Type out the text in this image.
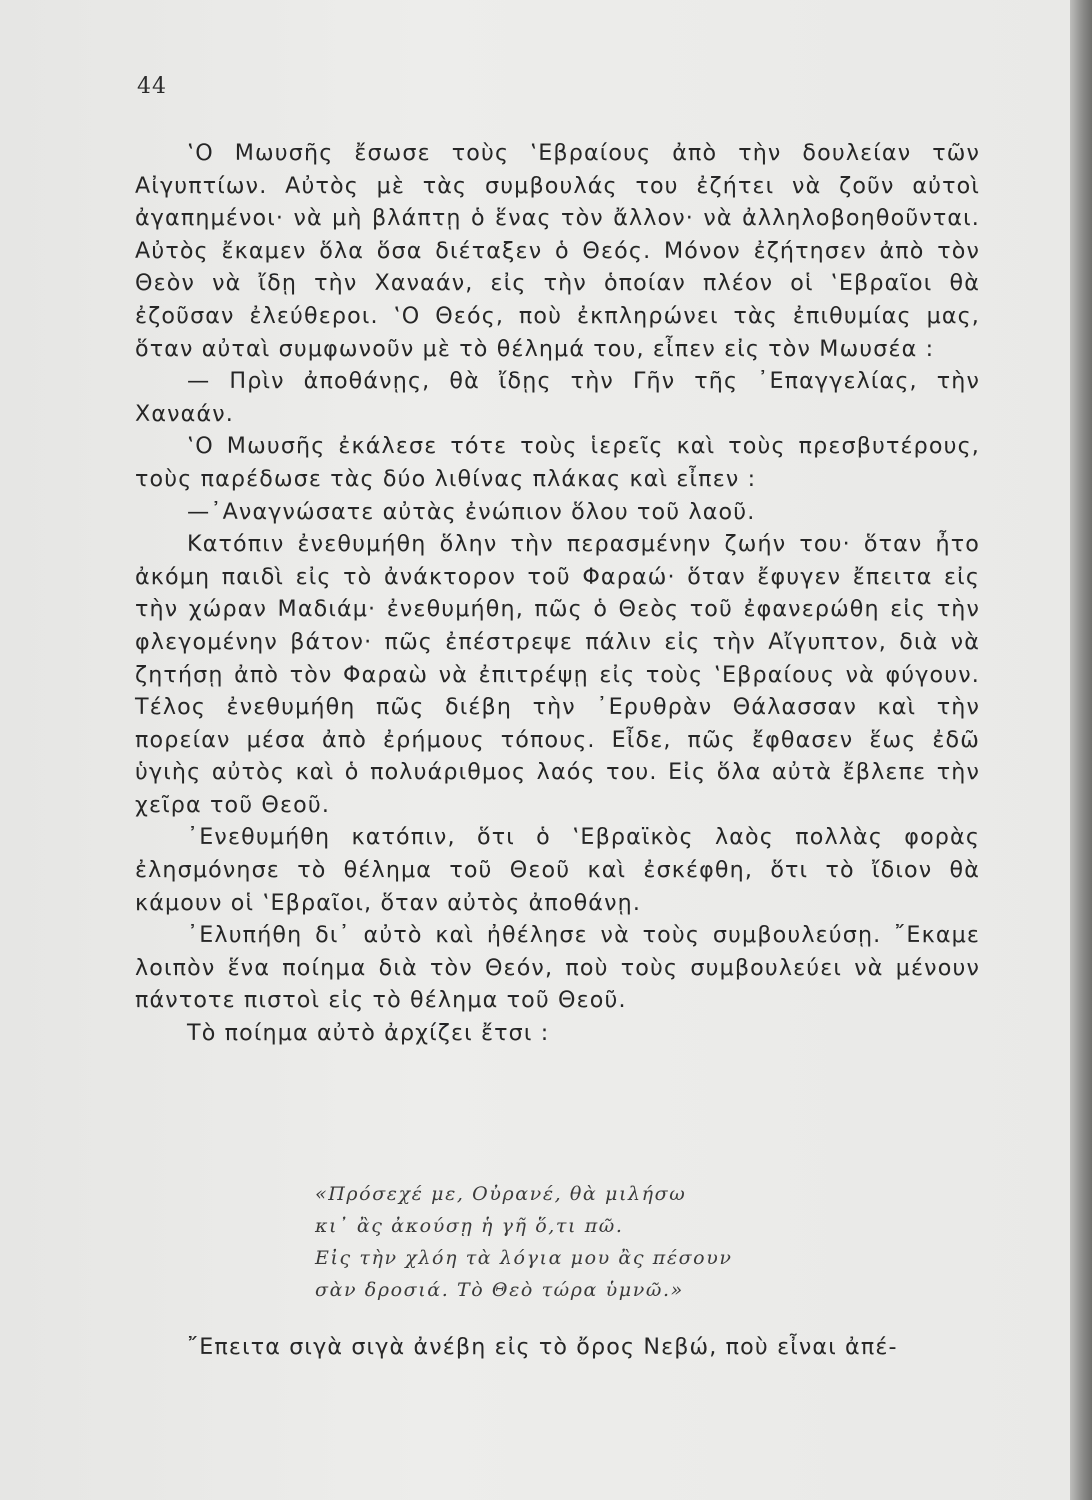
44

‛Ο Μωυσῆς ἔσωσε τοὺς ‛Εβραίους ἀπὸ τὴν δουλείαν τῶν Αἰγυπτίων. Αὐτὸς μὲ τὰς συμβουλάς του ἐζήτει νὰ ζοῦν αὐτοὶ ἀγαπημένοι· νὰ μὴ βλάπτῃ ὁ ἕνας τὸν ἄλλον· νὰ ἀλληλοβοηθοῦνται. Αὐτὸς ἔκαμεν ὅλα ὅσα διέταξεν ὁ Θεός. Μόνον ἐζήτησεν ἀπὸ τὸν Θεὸν νὰ ἴδῃ τὴν Χαναάν, εἰς τὴν ὁποίαν πλέον οἱ ‛Εβραῖοι θὰ ἐζοῦσαν ἐλεύθεροι. ‛Ο Θεός, ποὺ ἐκπληρώνει τὰς ἐπιθυμίας μας, ὅταν αὐταὶ συμφωνοῦν μὲ τὸ θέλημά του, εἶπεν εἰς τὸν Μωυσέα :

— Πρὶν ἀποθάνῃς, θὰ ἴδῃς τὴν Γῆν τῆς ᾿Επαγγελίας, τὴν Χαναάν.

‛Ο Μωυσῆς ἐκάλεσε τότε τοὺς ἱερεῖς καὶ τοὺς πρεσβυτέρους, τοὺς παρέδωσε τὰς δύο λιθίνας πλάκας καὶ εἶπεν :

—᾿Αναγνώσατε αὐτὰς ἐνώπιον ὅλου τοῦ λαοῦ.

Κατόπιν ἐνεθυμήθη ὅλην τὴν περασμένην ζωήν του· ὅταν ἦτο ἀκόμη παιδὶ εἰς τὸ ἀνάκτορον τοῦ Φαραώ· ὅταν ἔφυγεν ἔπειτα εἰς τὴν χώραν Μαδιάμ· ἐνεθυμήθη, πῶς ὁ Θεὸς τοῦ ἐφανερώθη εἰς τὴν φλεγομένην βάτον· πῶς ἐπέστρεψε πάλιν εἰς τὴν Αἴγυπτον, διὰ νὰ ζητήσῃ ἀπὸ τὸν Φαραὼ νὰ ἐπιτρέψῃ εἰς τοὺς ‛Εβραίους νὰ φύγουν. Τέλος ἐνεθυμήθη πῶς διέβη τὴν ᾿Ερυθρὰν Θάλασσαν καὶ τὴν πορείαν μέσα ἀπὸ ἐρήμους τόπους. Εἶδε, πῶς ἔφθασεν ἕως ἐδῶ ὑγιὴς αὐτὸς καὶ ὁ πολυάριθμος λαός του. Εἰς ὅλα αὐτὰ ἔβλεπε τὴν χεῖρα τοῦ Θεοῦ.

᾿Ενεθυμήθη κατόπιν, ὅτι ὁ ‛Εβραϊκὸς λαὸς πολλὰς φορὰς ἐλησμόνησε τὸ θέλημα τοῦ Θεοῦ καὶ ἐσκέφθη, ὅτι τὸ ἴδιον θὰ κάμουν οἱ ‛Εβραῖοι, ὅταν αὐτὸς ἀποθάνῃ.

᾿Ελυπήθη δι᾿ αὐτὸ καὶ ἠθέλησε νὰ τοὺς συμβουλεύσῃ. ῎Εκαμε λοιπὸν ἕνα ποίημα διὰ τὸν Θεόν, ποὺ τοὺς συμβουλεύει νὰ μένουν πάντοτε πιστοὶ εἰς τὸ θέλημα τοῦ Θεοῦ.

Τὸ ποίημα αὐτὸ ἀρχίζει ἔτσι :

«Πρόσεχέ με, Οὐρανέ, θὰ μιλήσω
κι᾿ ἂς ἀκούσῃ ἡ γῆ ὅ,τι πῶ.
Εἰς τὴν χλόη τὰ λόγια μου ἂς πέσουν
σὰν δροσιά. Τὸ Θεὸ τώρα ὑμνῶ.»
῎Επειτα σιγὰ σιγὰ ἀνέβη εἰς τὸ ὄρος Νεβώ, ποὺ εἶναι ἀπέ-
